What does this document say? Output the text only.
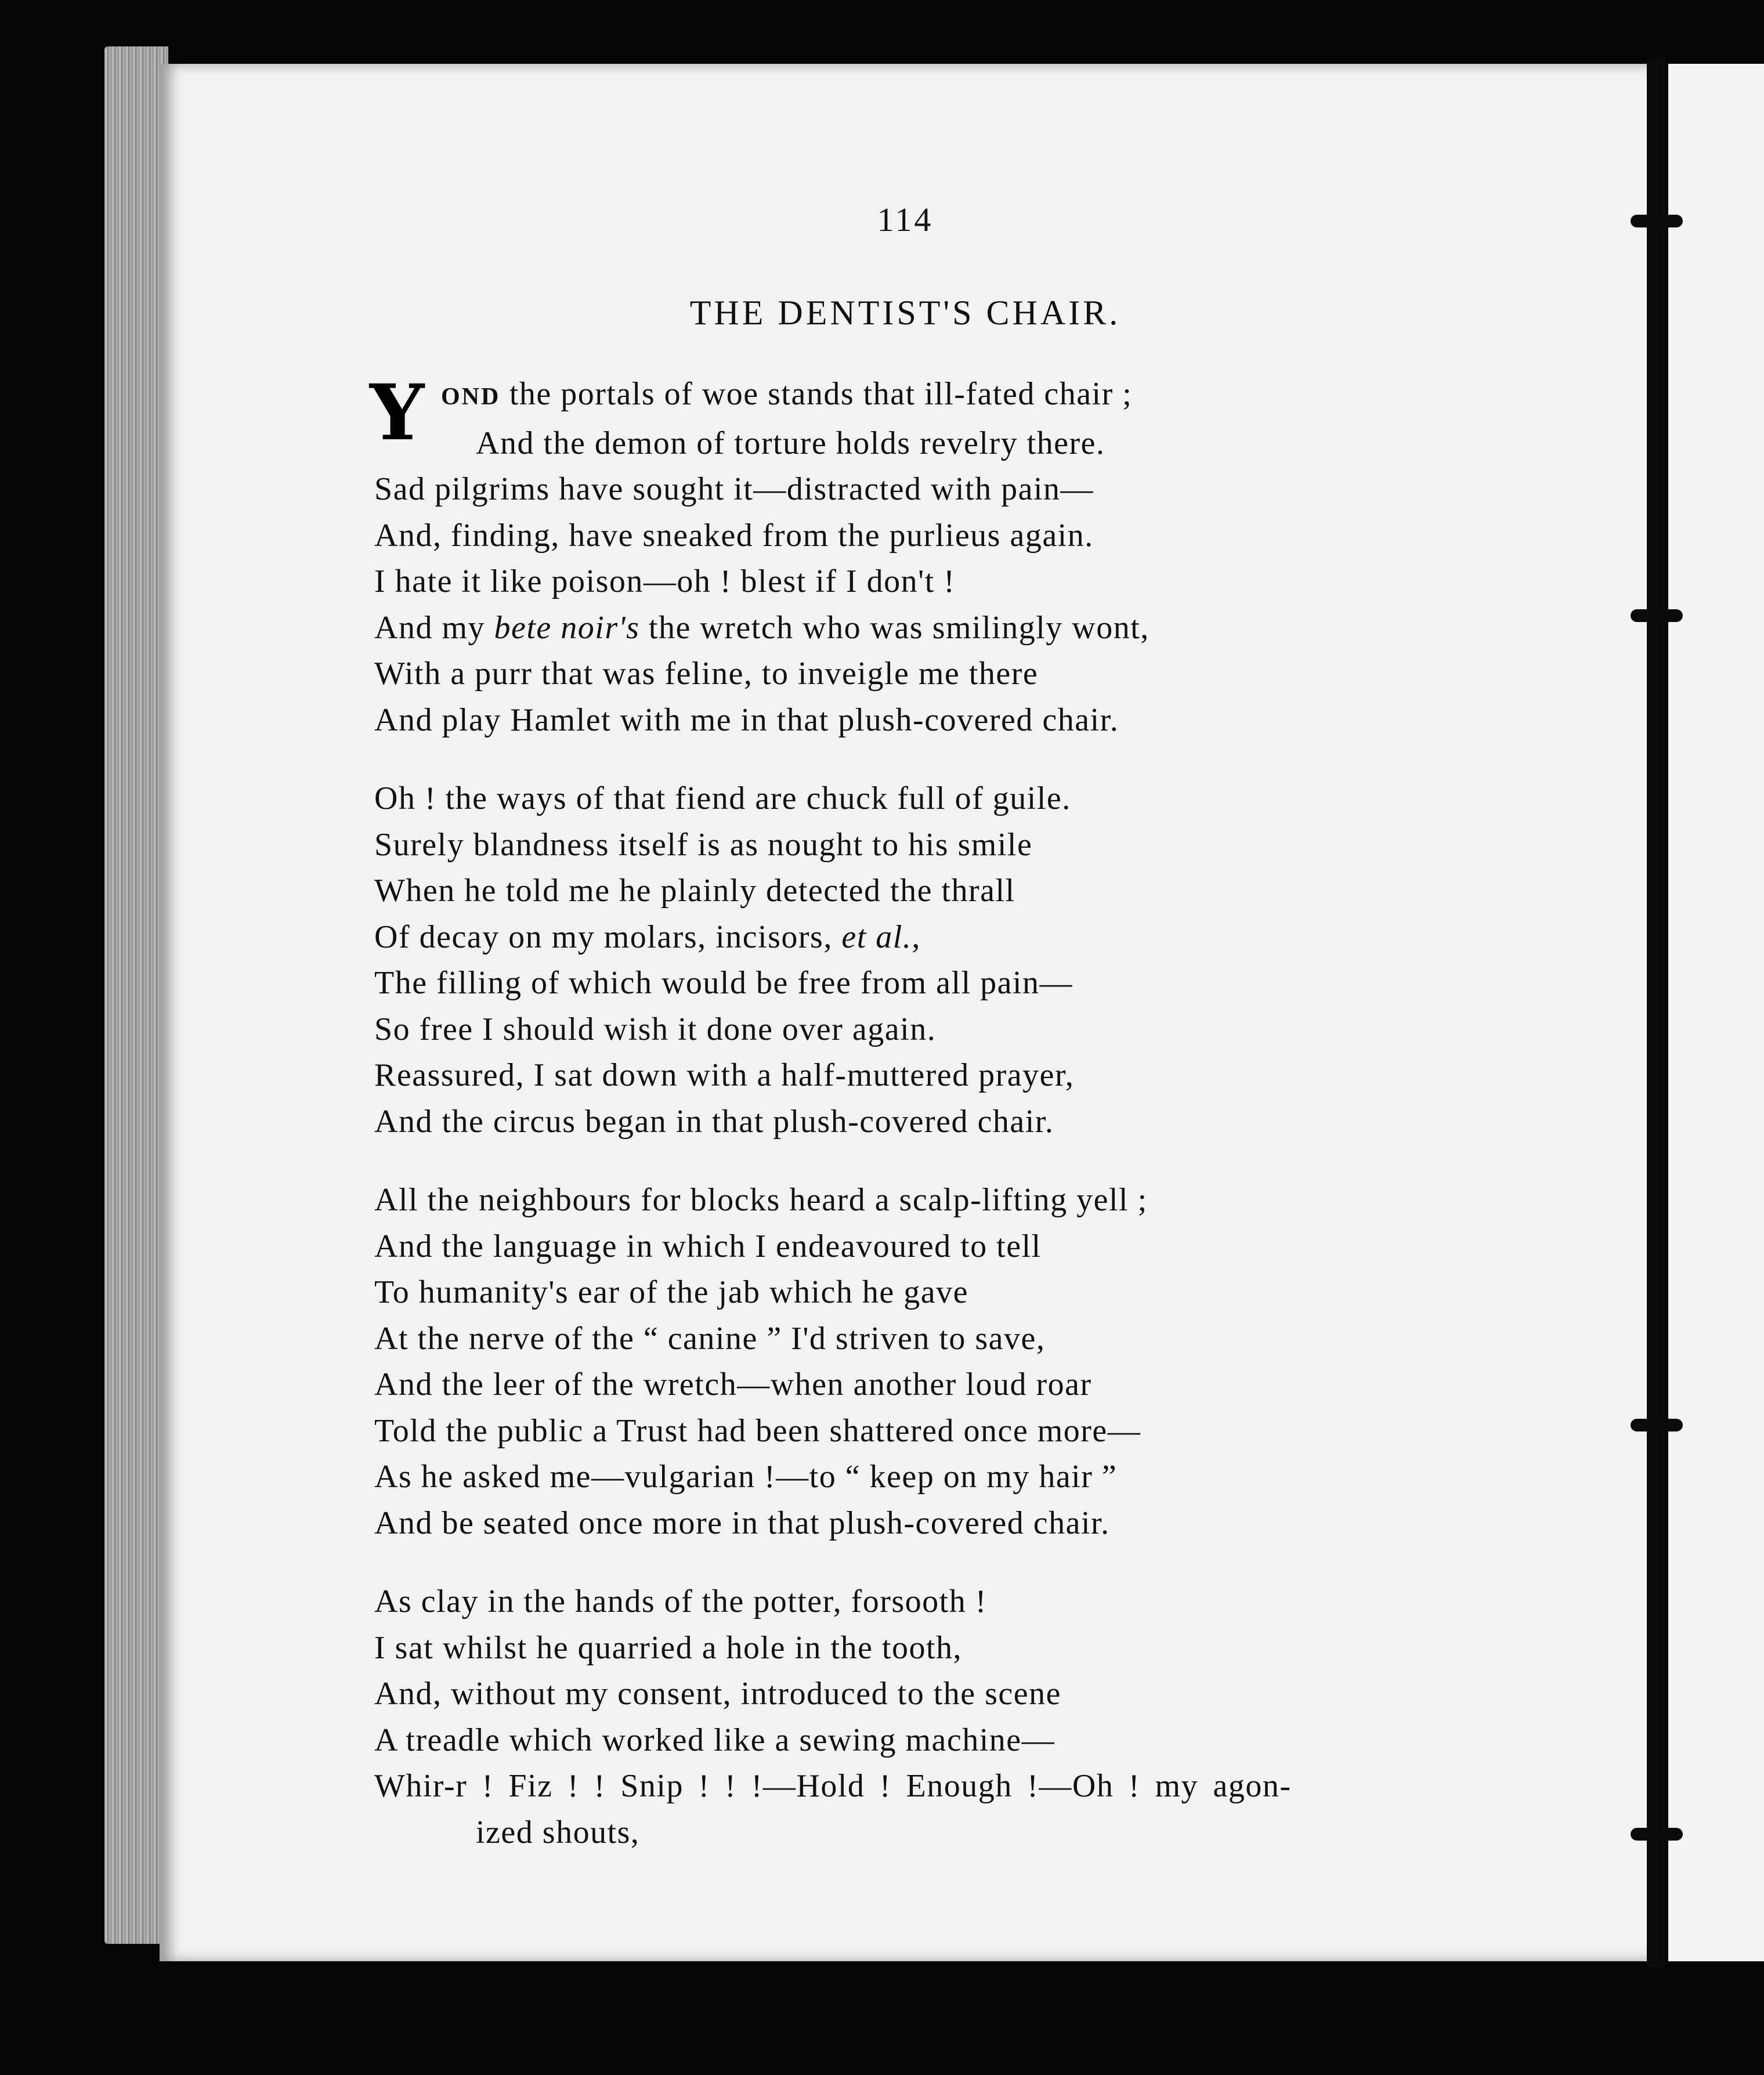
114
THE DENTIST'S CHAIR.
Y OND the portals of woe stands that ill-fated chair ;
And the demon of torture holds revelry there.
Sad pilgrims have sought it—distracted with pain—
And, finding, have sneaked from the purlieus again.
I hate it like poison—oh ! blest if I don't !
And my bete noir's the wretch who was smilingly wont,
With a purr that was feline, to inveigle me there
And play Hamlet with me in that plush-covered chair.
Oh ! the ways of that fiend are chuck full of guile.
Surely blandness itself is as nought to his smile
When he told me he plainly detected the thrall
Of decay on my molars, incisors, et al.,
The filling of which would be free from all pain—
So free I should wish it done over again.
Reassured, I sat down with a half-muttered prayer,
And the circus began in that plush-covered chair.
All the neighbours for blocks heard a scalp-lifting yell ;
And the language in which I endeavoured to tell
To humanity's ear of the jab which he gave
At the nerve of the “ canine ” I'd striven to save,
And the leer of the wretch—when another loud roar
Told the public a Trust had been shattered once more—
As he asked me—vulgarian !—to “ keep on my hair ”
And be seated once more in that plush-covered chair.
As clay in the hands of the potter, forsooth !
I sat whilst he quarried a hole in the tooth,
And, without my consent, introduced to the scene
A treadle which worked like a sewing machine—
Whir-r ! Fiz ! ! Snip ! ! !—Hold ! Enough !—Oh ! my agon-
ized shouts,
